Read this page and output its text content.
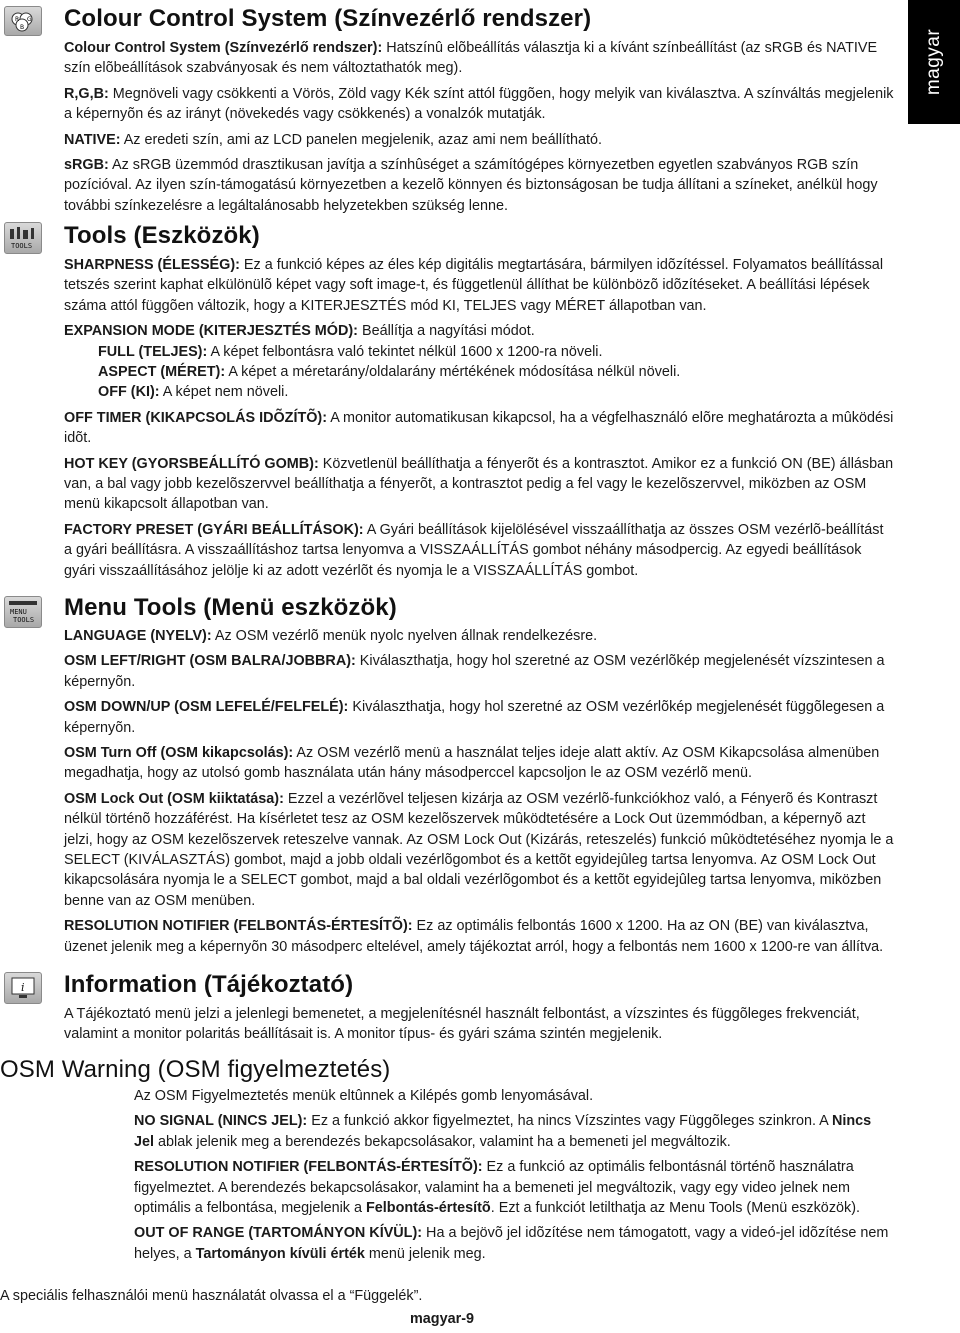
magyar
R G
B Colour Control System (Színvezérlő rendszer)

Colour Control System (Színvezérlő rendszer): Hatszínû elõbeállítás választja ki a kívánt színbeállítást (az sRGB és NATIVE szín elõbeállítások szabványosak és nem változtathatók meg).

R,G,B: Megnöveli vagy csökkenti a Vörös, Zöld vagy Kék színt attól függõen, hogy melyik van kiválasztva. A színváltás megjelenik a képernyõn és az irányt (növekedés vagy csökkenés) a vonalzók mutatják.

NATIVE: Az eredeti szín, ami az LCD panelen megjelenik, azaz ami nem beállítható.

sRGB: Az sRGB üzemmód drasztikusan javítja a színhûséget a számítógépes környezetben egyetlen szabványos RGB szín pozícióval. Az ilyen szín-támogatású környezetben a kezelõ könnyen és biztonságosan be tudja állítani a színeket, anélkül hogy további színkezelésre a legáltalánosabb helyzetekben szükség lenne.

TOOLS Tools (Eszközök)

SHARPNESS (ÉLESSÉG): Ez a funkció képes az éles kép digitális megtartására, bármilyen idõzítéssel. Folyamatos beállítással tetszés szerint kaphat elkülönülõ képet vagy soft image-t, és függetlenül állíthat be különbözõ idõzítéseket. A beállítási lépések száma attól függõen változik, hogy a KITERJESZTÉS mód KI, TELJES vagy MÉRET állapotban van.

EXPANSION MODE (KITERJESZTÉS MÓD): Beállítja a nagyítási módot.

FULL (TELJES): A képet felbontásra való tekintet nélkül 1600 x 1200-ra növeli.

ASPECT (MÉRET): A képet a méretarány/oldalarány mértékének módosítása nélkül növeli.

OFF (KI): A képet nem növeli.

OFF TIMER (KIKAPCSOLÁS IDÕZÍTÕ): A monitor automatikusan kikapcsol, ha a végfelhasználó elõre meghatározta a mûködési idõt.

HOT KEY (GYORSBEÁLLÍTÓ GOMB): Közvetlenül beállíthatja a fényerõt és a kontrasztot. Amikor ez a funkció ON (BE) állásban van, a bal vagy jobb kezelõszervvel beállíthatja a fényerõt, a kontrasztot pedig a fel vagy le kezelõszervvel, miközben az OSM menü kikapcsolt állapotban van.

FACTORY PRESET (GYÁRI BEÁLLÍTÁSOK): A Gyári beállítások kijelölésével visszaállíthatja az összes OSM vezérlõ-beállítást a gyári beállításra. A visszaállításhoz tartsa lenyomva a VISSZAÁLLÍTÁS gombot néhány másodpercig. Az egyedi beállítások gyári visszaállításához jelölje ki az adott vezérlõt és nyomja le a VISSZAÁLLÍTÁS gombot.

MENU
TOOLS Menu Tools (Menü eszközök)

LANGUAGE (NYELV): Az OSM vezérlõ menük nyolc nyelven állnak rendelkezésre.

OSM LEFT/RIGHT (OSM BALRA/JOBBRA): Kiválaszthatja, hogy hol szeretné az OSM vezérlõkép megjelenését vízszintesen a képernyõn.

OSM DOWN/UP (OSM LEFELÉ/FELFELÉ): Kiválaszthatja, hogy hol szeretné az OSM vezérlõkép megjelenését függõlegesen a képernyõn.

OSM Turn Off (OSM kikapcsolás): Az OSM vezérlõ menü a használat teljes ideje alatt aktív. Az OSM Kikapcsolása almenüben megadhatja, hogy az utolsó gomb használata után hány másodperccel kapcsoljon le az OSM vezérlõ menü.

OSM Lock Out (OSM kiiktatása): Ezzel a vezérlõvel teljesen kizárja az OSM vezérlõ-funkciókhoz való, a Fényerõ és Kontraszt nélkül történõ hozzáférést. Ha kísérletet tesz az OSM kezelõszervek mûködtetésére a Lock Out üzemmódban, a képernyõ azt jelzi, hogy az OSM kezelõszervek reteszelve vannak. Az OSM Lock Out (Kizárás, reteszelés) funkció mûködtetéséhez nyomja le a SELECT (KIVÁLASZTÁS) gombot, majd a jobb oldali vezérlõgombot és a kettõt egyidejûleg tartsa lenyomva. Az OSM Lock Out kikapcsolására nyomja le a SELECT gombot, majd a bal oldali vezérlõgombot és a kettõt egyidejûleg tartsa lenyomva, miközben benne van az OSM menüben.

RESOLUTION NOTIFIER (FELBONTÁS-ÉRTESÍTÕ): Ez az optimális felbontás 1600 x 1200. Ha az ON (BE) van kiválasztva, üzenet jelenik meg a képernyõn 30 másodperc eltelével, amely tájékoztat arról, hogy a felbontás nem 1600 x 1200-re van állítva.

i Information (Tájékoztató)

A Tájékoztató menü jelzi a jelenlegi bemenetet, a megjelenítésnél használt felbontást, a vízszintes és függõleges frekvenciát, valamint a monitor polaritás beállításait is. A monitor típus- és gyári száma szintén megjelenik.

OSM Warning (OSM figyelmeztetés)

Az OSM Figyelmeztetés menük eltûnnek a Kilépés gomb lenyomásával.

NO SIGNAL (NINCS JEL): Ez a funkció akkor figyelmeztet, ha nincs Vízszintes vagy Függõleges szinkron. A Nincs Jel ablak jelenik meg a berendezés bekapcsolásakor, valamint ha a bemeneti jel megváltozik.

RESOLUTION NOTIFIER (FELBONTÁS-ÉRTESÍTÕ): Ez a funkció az optimális felbontásnál történõ használatra figyelmeztet. A berendezés bekapcsolásakor, valamint ha a bemeneti jel megváltozik, vagy egy video jelnek nem optimális a felbontása, megjelenik a Felbontás-értesítõ. Ezt a funkciót letilthatja az Menu Tools (Menü eszközök).

OUT OF RANGE (TARTOMÁNYON KÍVÜL): Ha a bejövõ jel idõzítése nem támogatott, vagy a videó-jel idõzítése nem helyes, a Tartományon kívüli érték menü jelenik meg.

A speciális felhasználói menü használatát olvassa el a “Függelék”.
magyar-9
